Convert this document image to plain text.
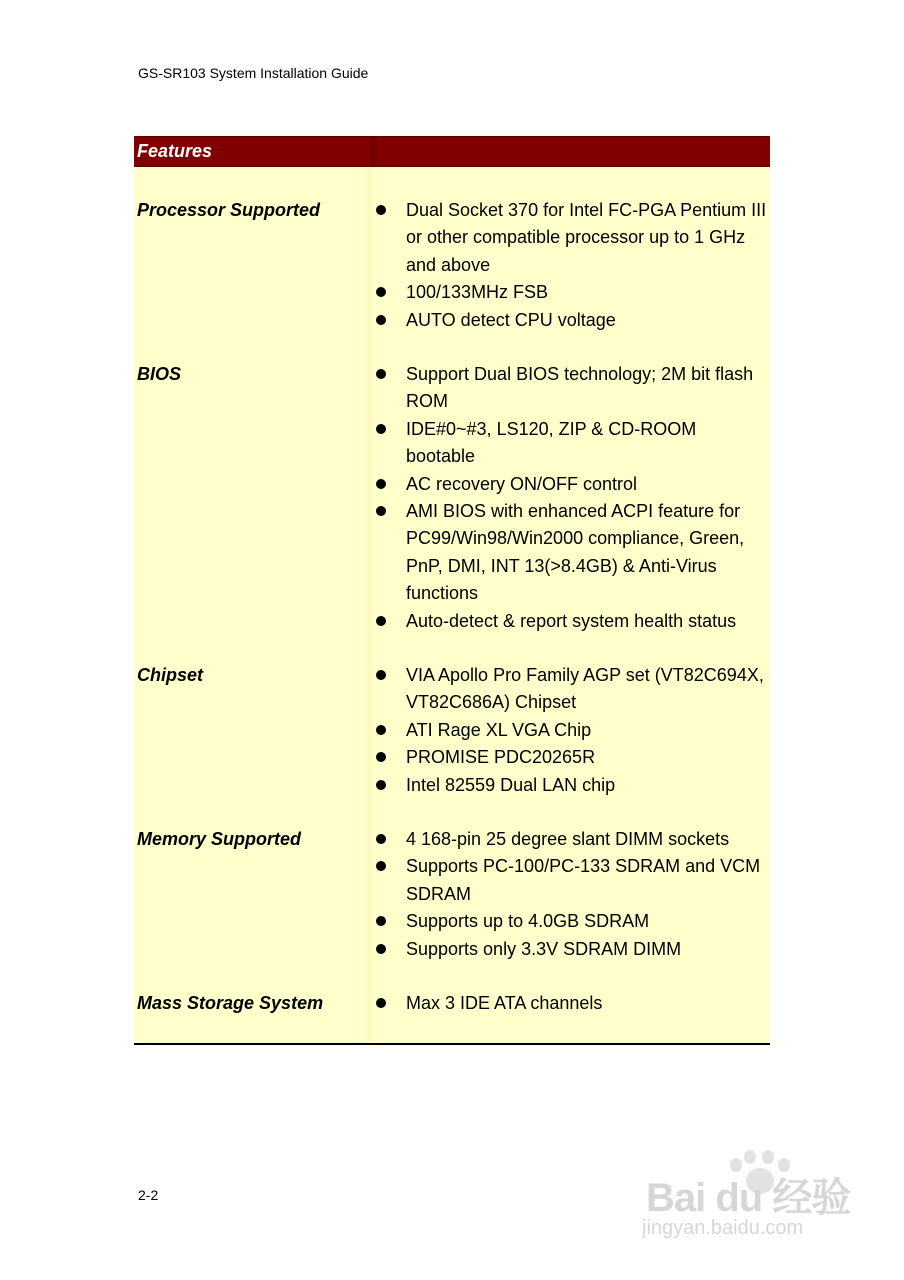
GS-SR103 System Installation Guide
Features
Processor Supported	Dual Socket 370 for Intel FC-PGA Pentium III or other compatible processor up to 1 GHz and above
100/133MHz FSB
AUTO detect CPU voltage
BIOS	Support Dual BIOS technology; 2M bit flash ROM
IDE#0~#3, LS120, ZIP & CD-ROOM bootable
AC recovery ON/OFF control
AMI BIOS with enhanced ACPI feature for PC99/Win98/Win2000 compliance, Green, PnP, DMI, INT 13(>8.4GB) & Anti-Virus functions
Auto-detect & report system health status
Chipset	VIA Apollo Pro Family AGP set (VT82C694X, VT82C686A) Chipset
ATI Rage XL VGA Chip
PROMISE PDC20265R
Intel 82559 Dual LAN chip
Memory Supported	4 168-pin 25 degree slant DIMM sockets
Supports PC-100/PC-133 SDRAM and VCM SDRAM
Supports up to 4.0GB SDRAM
Supports only 3.3V SDRAM DIMM
Mass Storage System	Max 3 IDE ATA channels
2-2	Bai du 经验
jingyan.baidu.com
